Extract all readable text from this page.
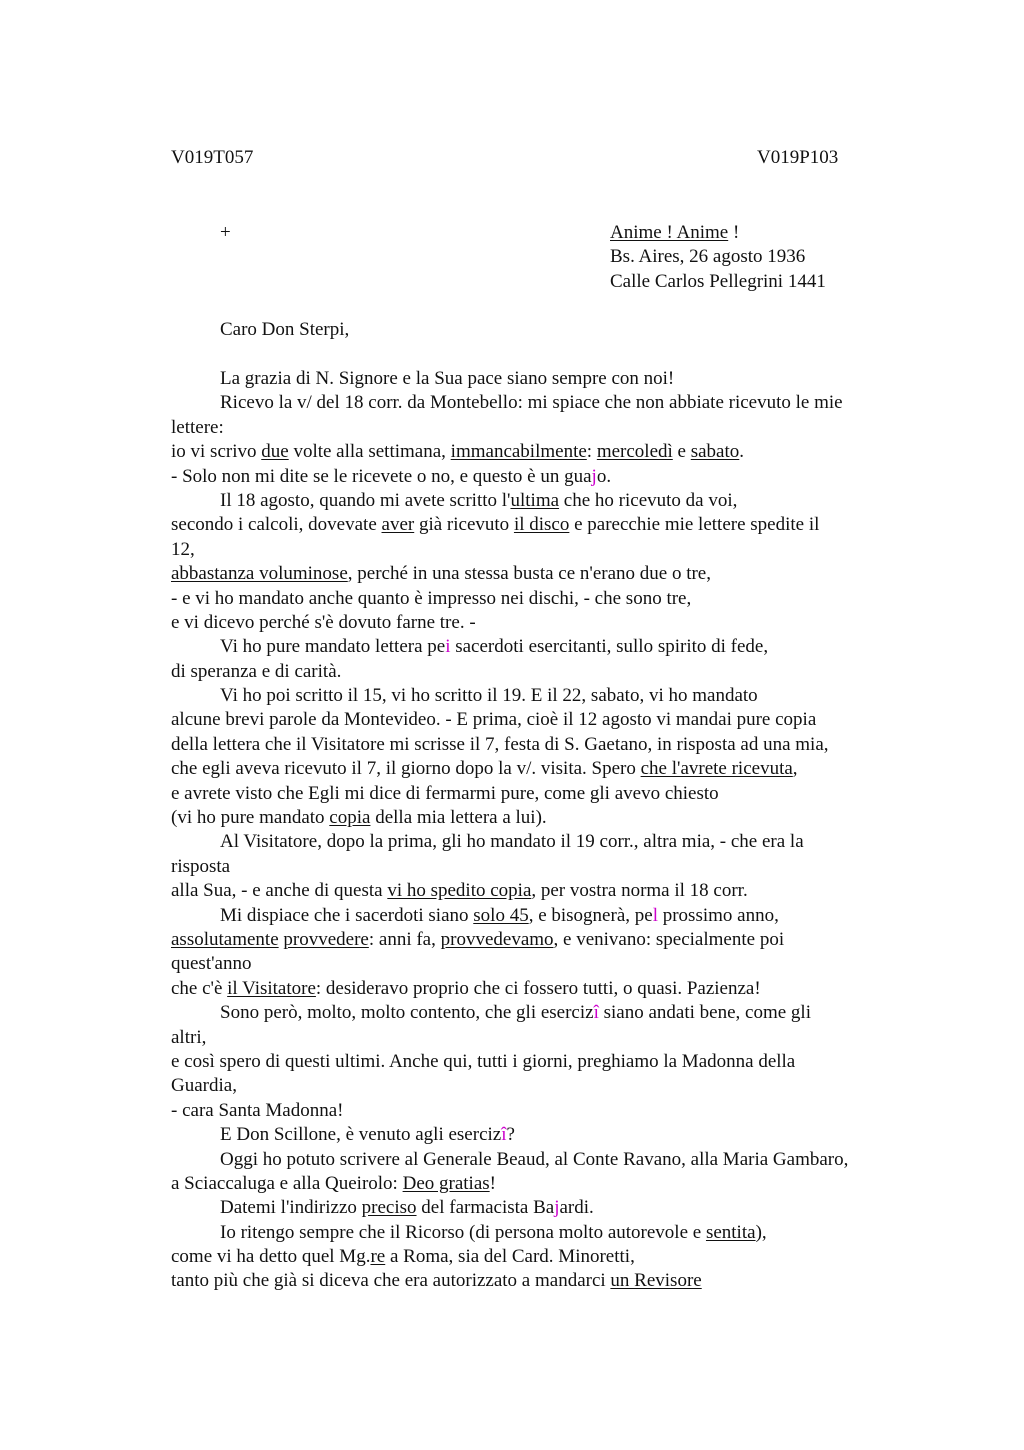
V019T057	V019P103
+	Anime ! Anime !
Bs. Aires, 26 agosto 1936
Calle Carlos Pellegrini 1441
Caro Don Sterpi,
La grazia di N. Signore e la Sua pace siano sempre con noi!
Ricevo la v/ del 18 corr. da Montebello: mi spiace che non abbiate ricevuto le mie
lettere:
io vi scrivo due volte alla settimana, immancabilmente: mercoledì e sabato.
- Solo non mi dite se le ricevete o no, e questo è un guajo.
Il 18 agosto, quando mi avete scritto l'ultima che ho ricevuto da voi,
secondo i calcoli, dovevate aver già ricevuto il disco e parecchie mie lettere spedite il
12,
abbastanza voluminose, perché in una stessa busta ce n'erano due o tre,
- e vi ho mandato anche quanto è impresso nei dischi, - che sono tre,
e vi dicevo perché s'è dovuto farne tre. -
Vi ho pure mandato lettera pei sacerdoti esercitanti, sullo spirito di fede,
di speranza e di carità.
Vi ho poi scritto il 15, vi ho scritto il 19. E il 22, sabato, vi ho mandato
alcune brevi parole da Montevideo. - E prima, cioè il 12 agosto vi mandai pure copia
della lettera che il Visitatore mi scrisse il 7, festa di S. Gaetano, in risposta ad una mia,
che egli aveva ricevuto il 7, il giorno dopo la v/. visita. Spero che l'avrete ricevuta,
e avrete visto che Egli mi dice di fermarmi pure, come gli avevo chiesto
(vi ho pure mandato copia della mia lettera a lui).
Al Visitatore, dopo la prima, gli ho mandato il 19 corr., altra mia, - che era la
risposta
alla Sua, - e anche di questa vi ho spedito copia, per vostra norma il 18 corr.
Mi dispiace che i sacerdoti siano solo 45, e bisognerà, pel prossimo anno,
assolutamente provvedere: anni fa, provvedevamo, e venivano: specialmente poi
quest'anno
che c'è il Visitatore: desideravo proprio che ci fossero tutti, o quasi. Pazienza!
Sono però, molto, molto contento, che gli esercizî siano andati bene, come gli
altri,
e così spero di questi ultimi. Anche qui, tutti i giorni, preghiamo la Madonna della
Guardia,
- cara Santa Madonna!
E Don Scillone, è venuto agli esercizî?
Oggi ho potuto scrivere al Generale Beaud, al Conte Ravano, alla Maria Gambaro,
a Sciaccaluga e alla Queirolo: Deo gratias!
Datemi l'indirizzo preciso del farmacista Bajardi.
Io ritengo sempre che il Ricorso (di persona molto autorevole e sentita),
come vi ha detto quel Mg.re a Roma, sia del Card. Minoretti,
tanto più che già si diceva che era autorizzato a mandarci un Revisore
